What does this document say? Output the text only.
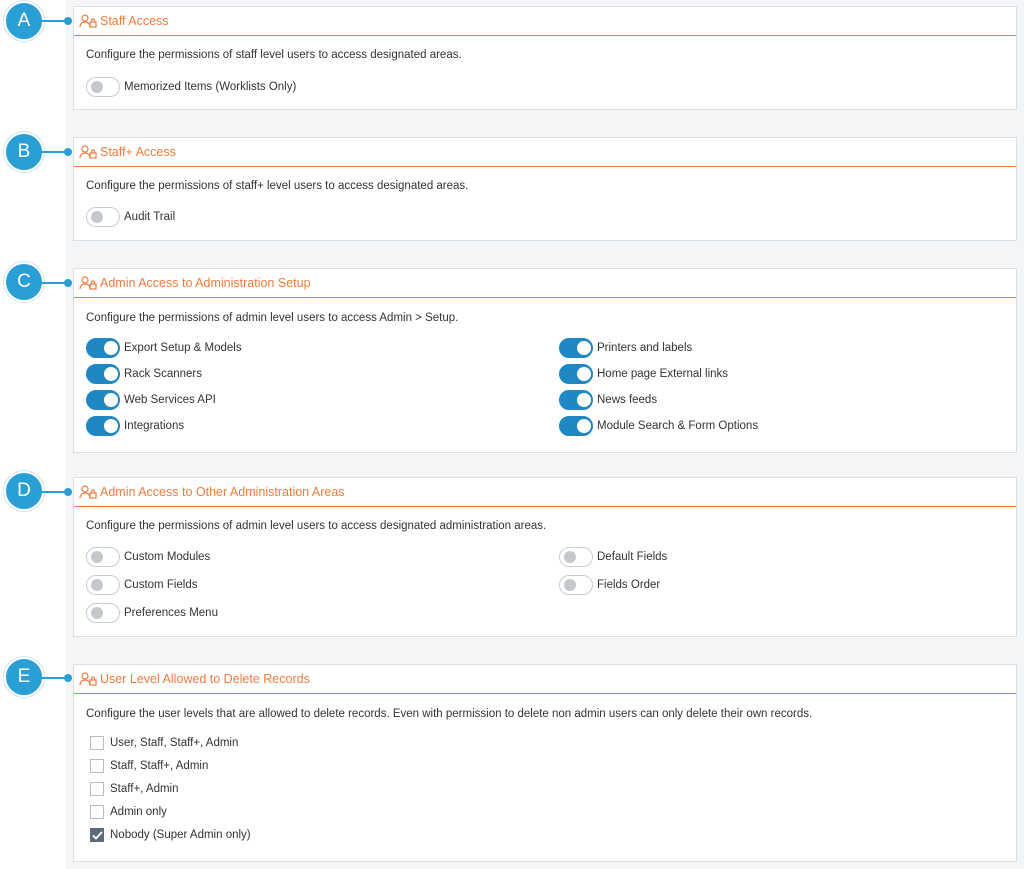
A	Staff Access
Configure the permissions of staff level users to access designated areas.
Memorized Items (Worklists Only)
B	Staff+ Access
Configure the permissions of staff+ level users to access designated areas.
Audit Trail
C	Admin Access to Administration Setup
Configure the permissions of admin level users to access Admin > Setup.
Export Setup & Models
Rack Scanners
Web Services API
Integrations
Printers and labels
Home page External links
News feeds
Module Search & Form Options
D	Admin Access to Other Administration Areas
Configure the permissions of admin level users to access designated administration areas.
Custom Modules
Custom Fields
Preferences Menu
Default Fields
Fields Order
E	User Level Allowed to Delete Records
Configure the user levels that are allowed to delete records. Even with permission to delete non admin users can only delete their own records.
User, Staff, Staff+, Admin
Staff, Staff+, Admin
Staff+, Admin
Admin only
Nobody (Super Admin only)
